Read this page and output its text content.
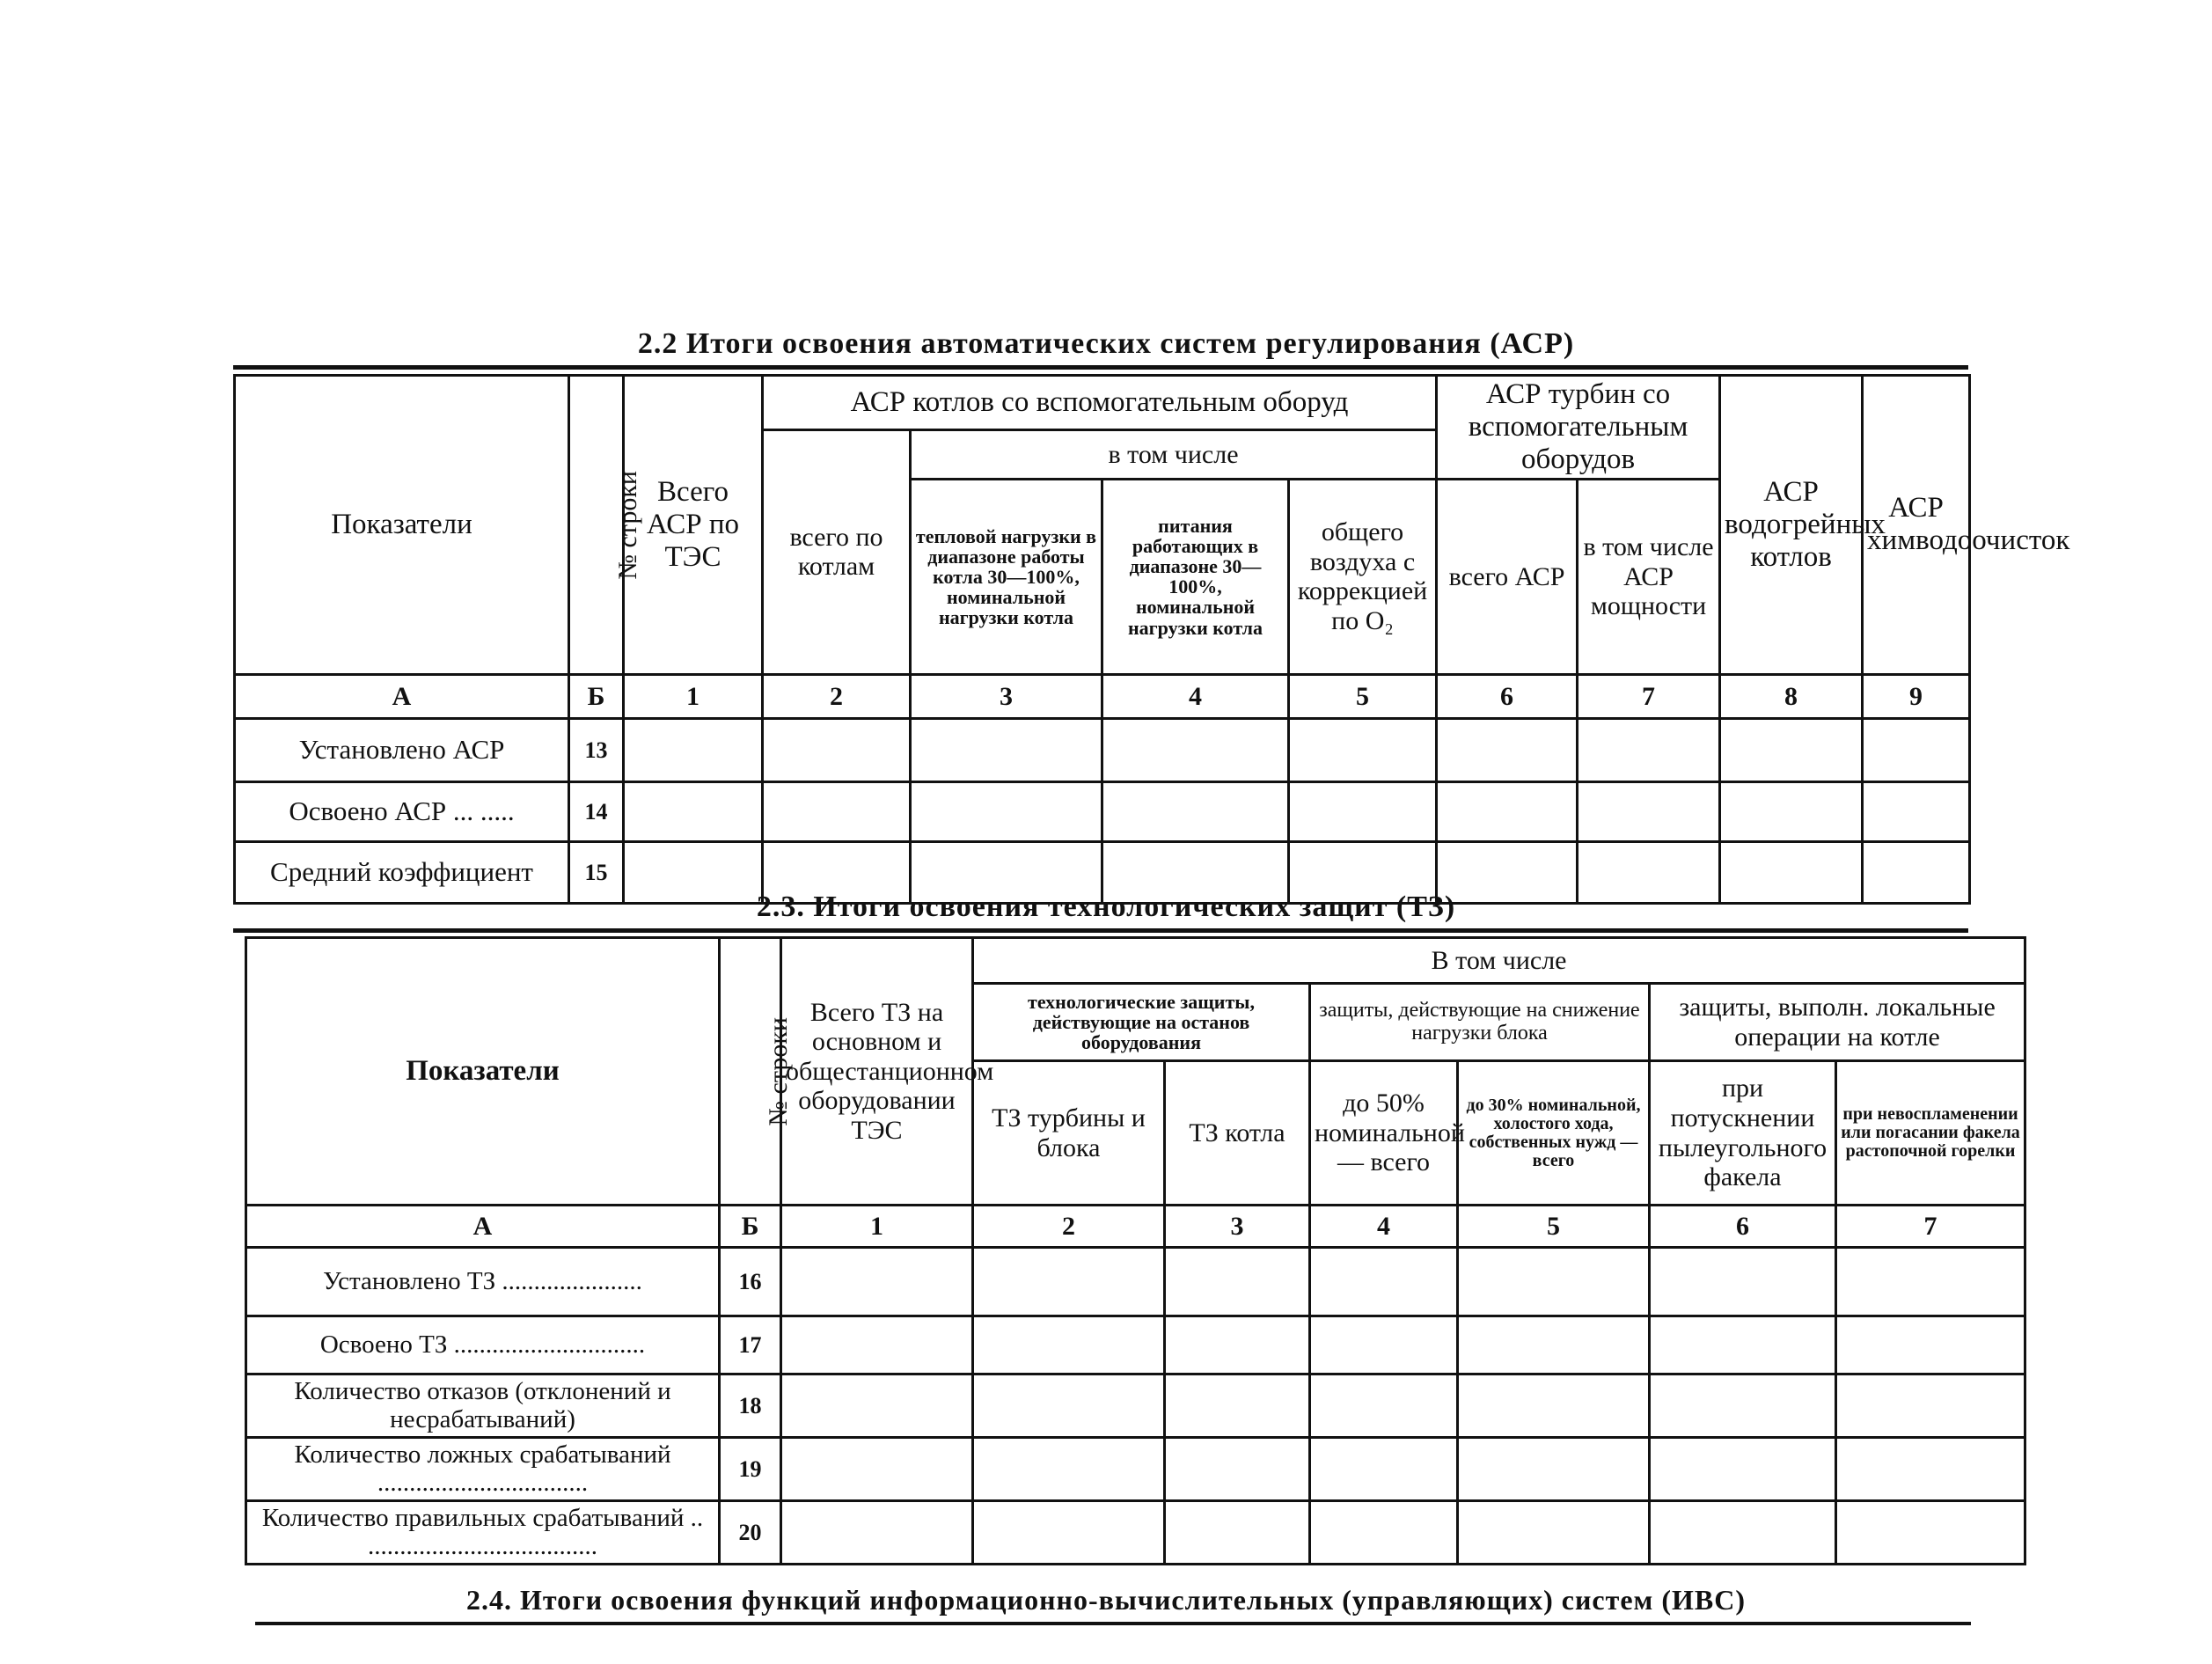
2.2 Итоги освоения автоматических систем регулирования (АСР)
Показатели	№ строки	Всего АСР по ТЭС	АСР котлов со вспомогательным оборуд				АСР турбин со вспомогательным оборудов		АСР водогрейных котлов	АСР химводоочисток
			всего по котлам	в том числе						
				тепловой нагрузки в диапазоне работы котла 30—100%, номинальной нагрузки котла	питания работающих в диапазоне 30—100%, номинальной нагрузки котла	общего воздуха с коррекцией по O₂	всего АСР	в том числе АСР мощности		
А	Б	1	2	3	4	5	6	7	8	9
Установлено АСР	13									
Освоено АСР ... .....	14									
Средний коэффициент	15									
2.3. Итоги освоения технологических защит (ТЗ)
Показатели	№ строки	Всего ТЗ на основном и общестанционном оборудовании ТЭС	В том числе					
			технологические защиты, действующие на останов оборудования		защиты, действующие на снижение нагрузки блока		защиты, выполн. локальные операции на котле	
			ТЗ турбины и блока	ТЗ котла	до 50% номинальной — всего	до 30% номинальной, холостого хода, собственных нужд — всего	при потускнении пылеугольного факела	при невоспламенении или погасании факела растопочной горелки

А	Б	1	2	3	4	5	6	7
Установлено ТЗ ......................	16							
Освоено ТЗ ..............................	17							
Количество отказов (отклонений и несрабатываний)	18							
Количество ложных срабатываний .................................	19							
Количество правильных срабатываний .. ....................................	20							
2.4. Итоги освоения функций информационно-вычислительных (управляющих) систем (ИВС)
